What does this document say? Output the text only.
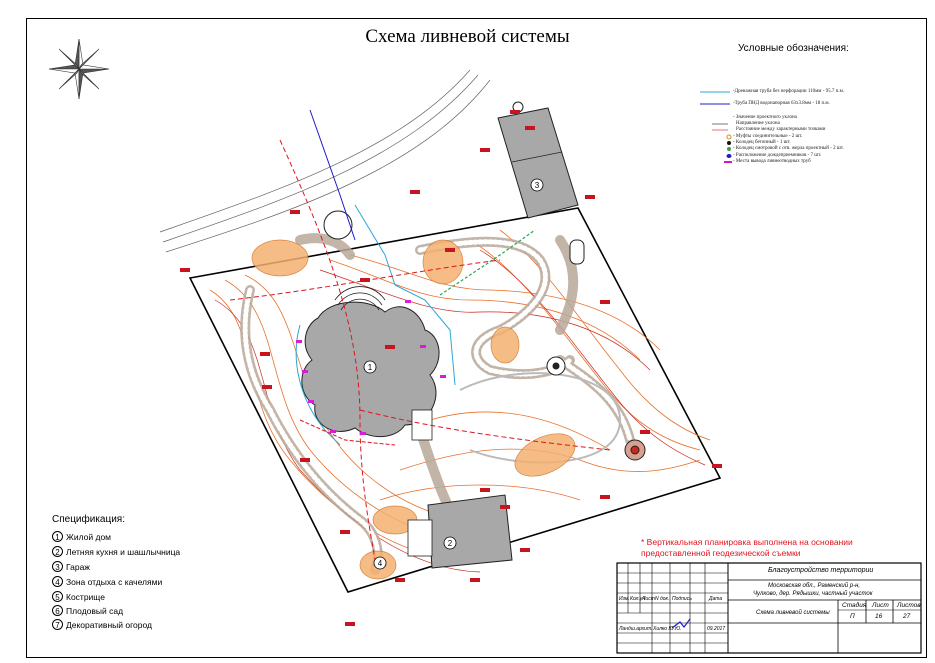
Схема ливневой системы
1
2
3
4
Условные обозначения:
-Дренажная труба без перфорации 110мм - 95.7 п.м.
-Труба ПНД водонапорная 63х3.8мм - 18 п.м.
- Значение проектного уклона
Направление уклона
Расстояние между характерными точками
- Муфты соединительные - 2 шт.
- Колодец бетонный - 1 шт.
- Колодец смотровой с отв. жерла проектный - 2 шт.
- Расположение дождеприемников - 7 шт.
- Места вывода ливнеотводных труб
Спецификация:
1 Жилой дом
2 Летняя кухня и шашлычница
3 Гараж
4 Зона отдыха с качелями
5 Кострище
6 Плодовый сад
7 Декоративный огород
* Вертикальная планировка выполнена на основании предоставленной геодезической съемки
Благоустройство территории
Московская обл., Раменский р-н,
Чулково, дер. Рядышки, частный участок
Схема ливневой системы
Стадия Лист Листов
П	16	27
Изм. Кол.уч
Лист N док. Подпись	Дата
Ландш.архит. Хилко Ю.Ю.	09.2017
